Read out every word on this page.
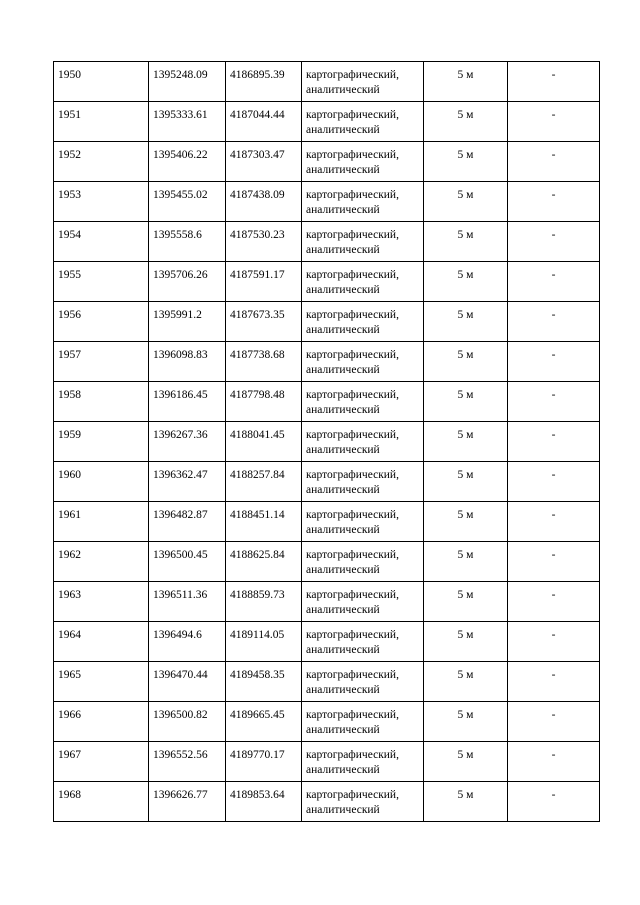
1950	1395248.09	4186895.39	картографический,
аналитический	5 м	-

1951	1395333.61	4187044.44	картографический,
аналитический	5 м	-

1952	1395406.22	4187303.47	картографический,
аналитический	5 м	-

1953	1395455.02	4187438.09	картографический,
аналитический	5 м	-

1954	1395558.6	4187530.23	картографический,
аналитический	5 м	-

1955	1395706.26	4187591.17	картографический,
аналитический	5 м	-

1956	1395991.2	4187673.35	картографический,
аналитический	5 м	-

1957	1396098.83	4187738.68	картографический,
аналитический	5 м	-

1958	1396186.45	4187798.48	картографический,
аналитический	5 м	-

1959	1396267.36	4188041.45	картографический,
аналитический	5 м	-

1960	1396362.47	4188257.84	картографический,
аналитический	5 м	-

1961	1396482.87	4188451.14	картографический,
аналитический	5 м	-

1962	1396500.45	4188625.84	картографический,
аналитический	5 м	-

1963	1396511.36	4188859.73	картографический,
аналитический	5 м	-

1964	1396494.6	4189114.05	картографический,
аналитический	5 м	-

1965	1396470.44	4189458.35	картографический,
аналитический	5 м	-

1966	1396500.82	4189665.45	картографический,
аналитический	5 м	-

1967	1396552.56	4189770.17	картографический,
аналитический	5 м	-

1968	1396626.77	4189853.64	картографический,
аналитический	5 м	-
